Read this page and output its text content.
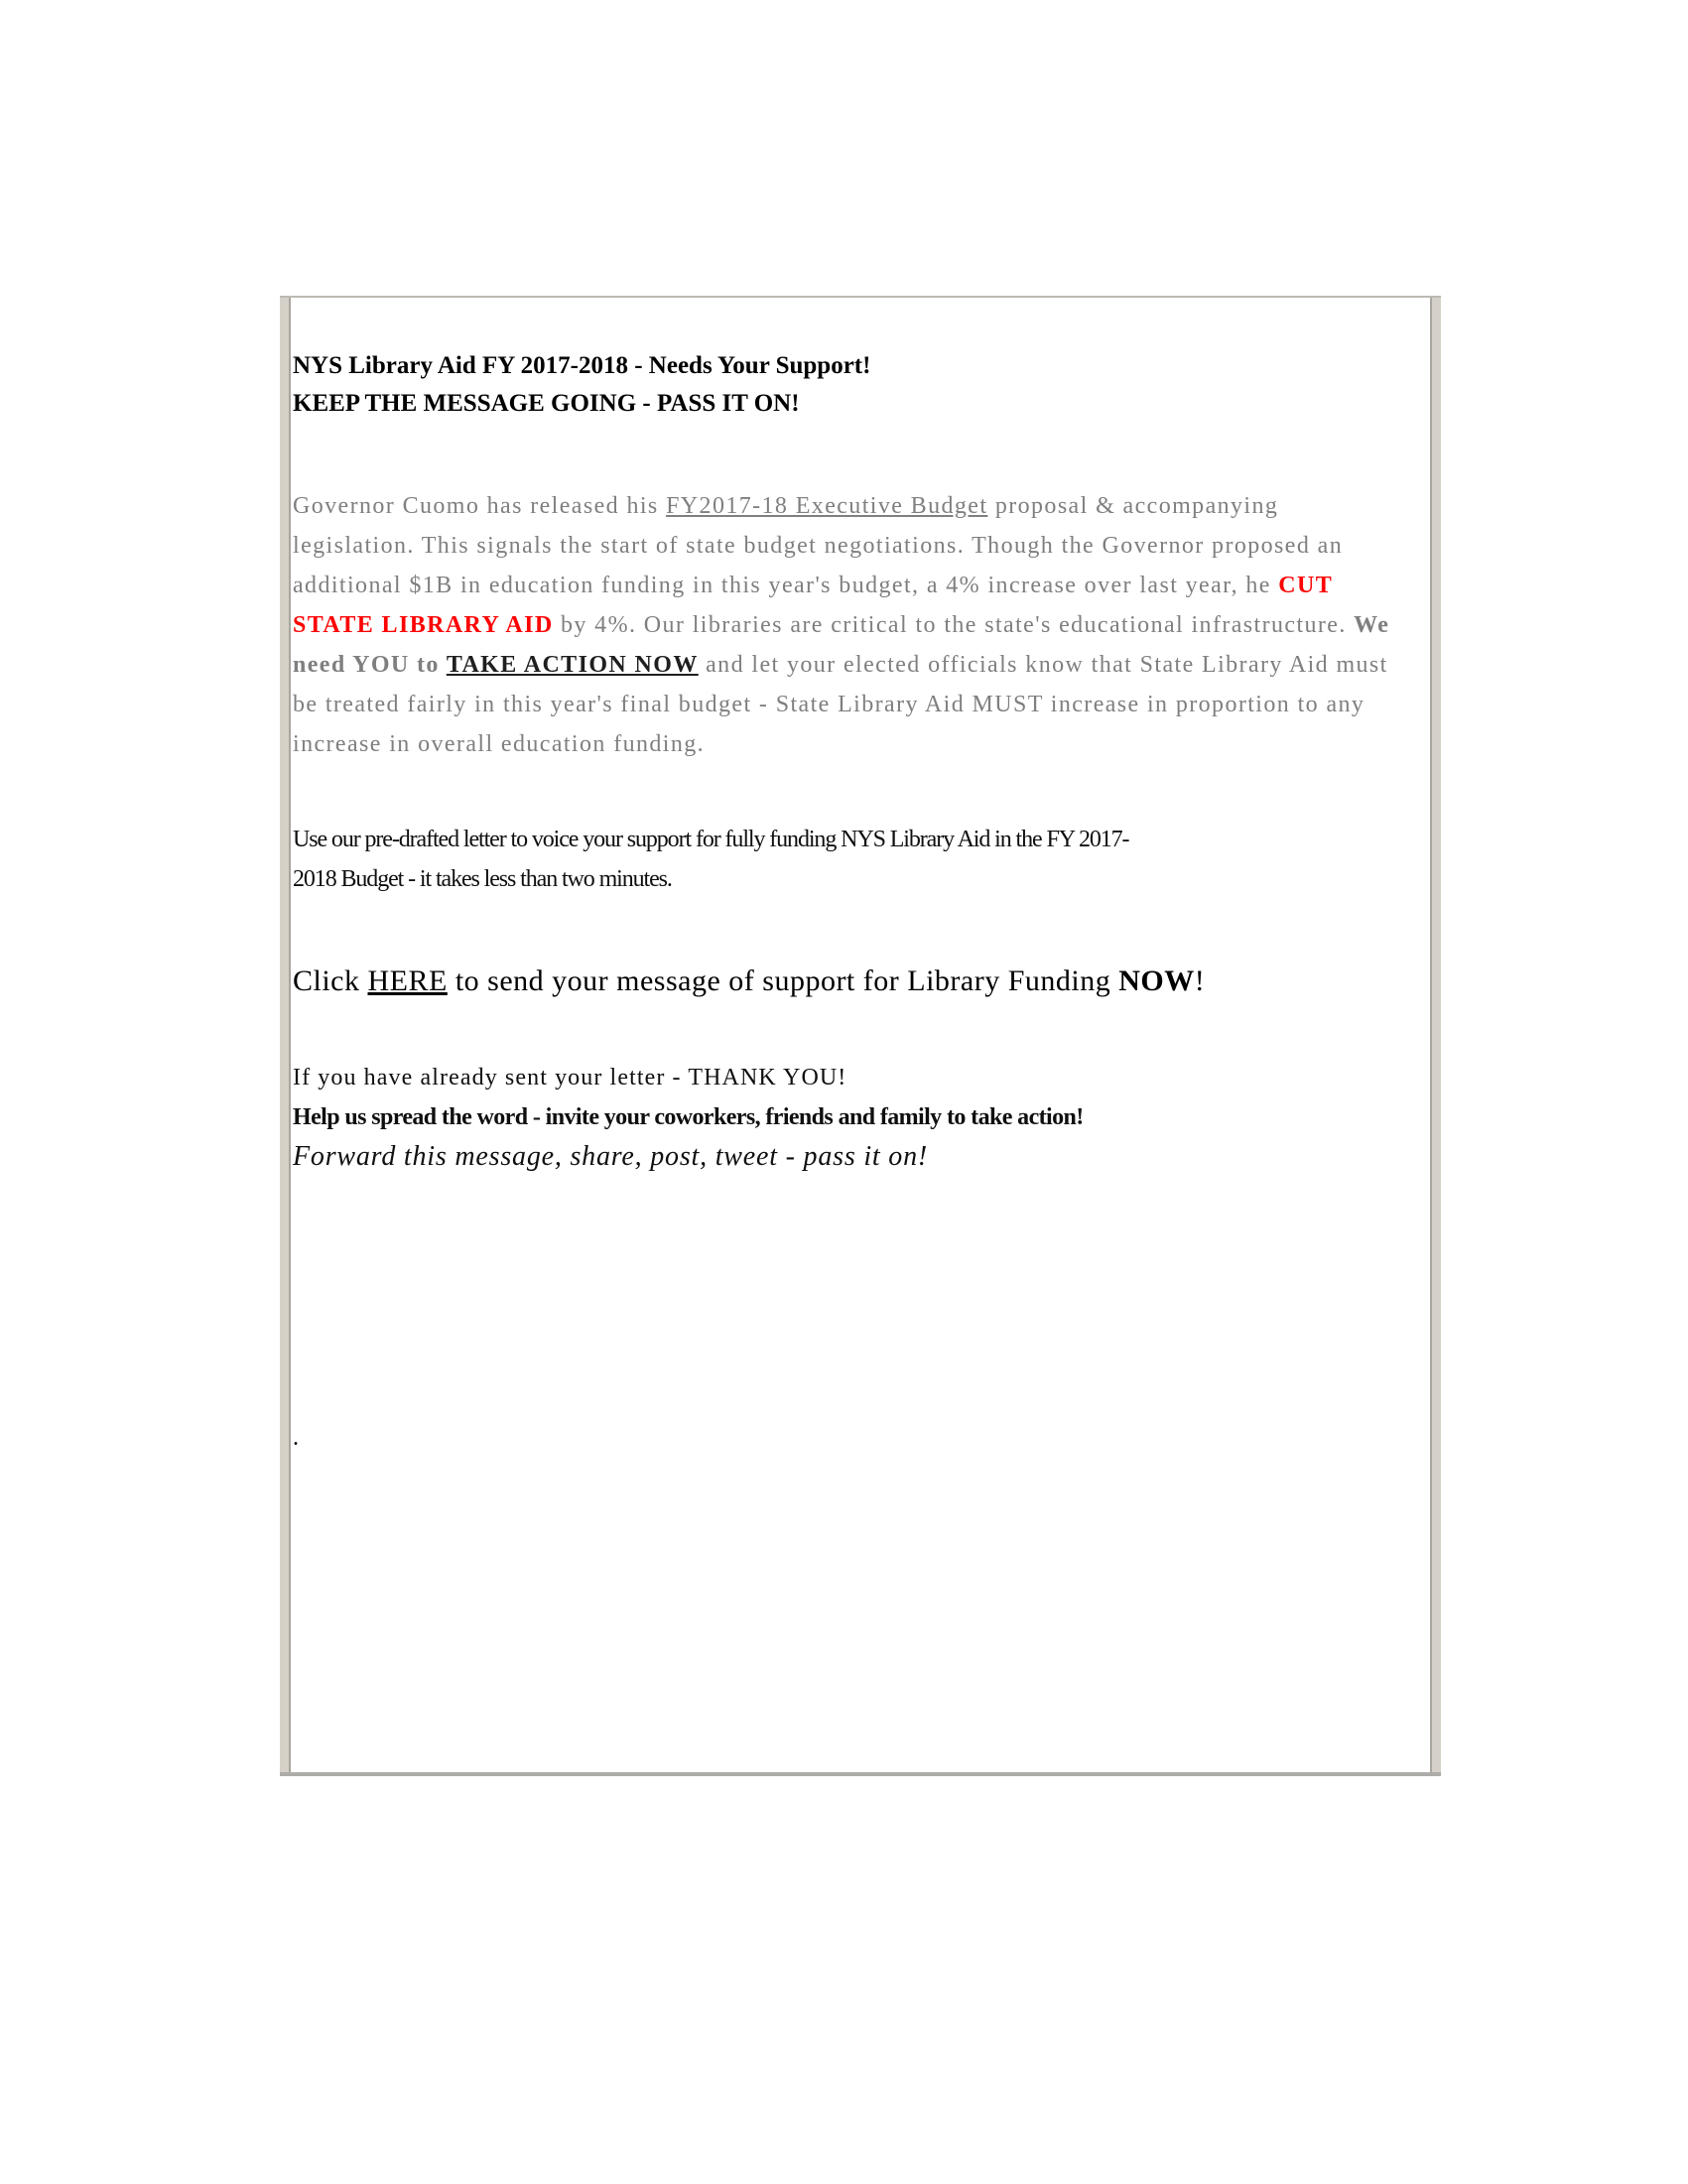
NYS Library Aid FY 2017-2018 - Needs Your Support!
KEEP THE MESSAGE GOING - PASS IT ON!
Governor Cuomo has released his FY2017-18 Executive Budget proposal & accompanying
legislation. This signals the start of state budget negotiations. Though the Governor proposed an
additional $1B in education funding in this year's budget, a 4% increase over last year, he CUT
STATE LIBRARY AID by 4%. Our libraries are critical to the state's educational infrastructure. We
need YOU to TAKE ACTION NOW and let your elected officials know that State Library Aid must
be treated fairly in this year's final budget - State Library Aid MUST increase in proportion to any
increase in overall education funding.
Use our pre-drafted letter to voice your support for fully funding NYS Library Aid in the FY 2017-
2018 Budget - it takes less than two minutes.
Click HERE to send your message of support for Library Funding NOW!
If you have already sent your letter - THANK YOU!
Help us spread the word - invite your coworkers, friends and family to take action!
Forward this message, share, post, tweet - pass it on!
.
